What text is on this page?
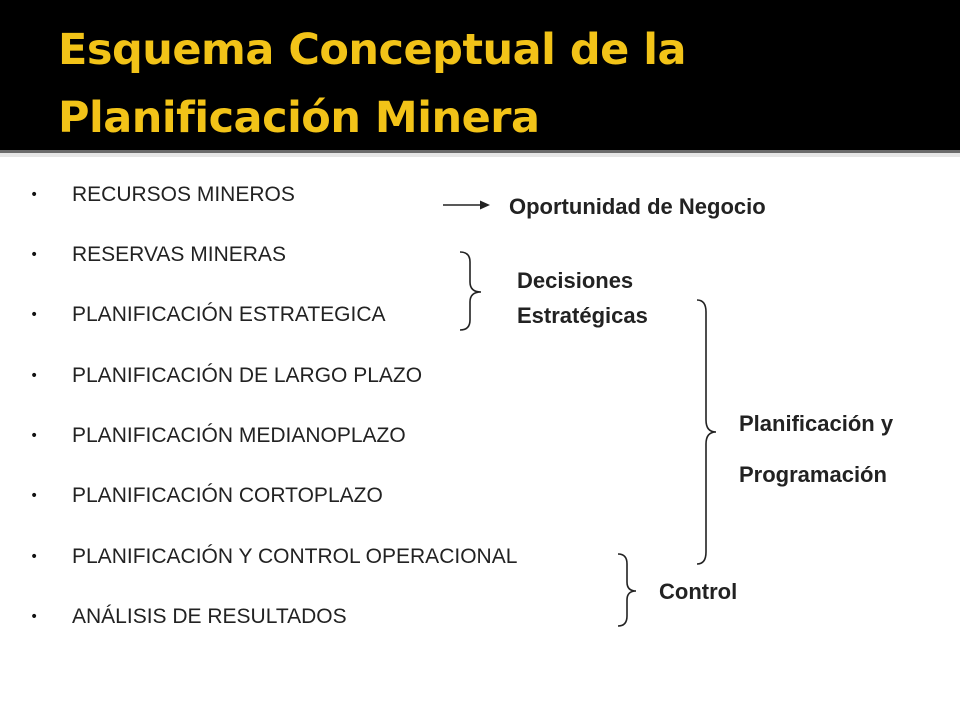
Esquema Conceptual de la
Planificación Minera
• RECURSOS MINEROS
• RESERVAS MINERAS
• PLANIFICACIÓN ESTRATEGICA
• PLANIFICACIÓN DE LARGO PLAZO
• PLANIFICACIÓN MEDIANOPLAZO
• PLANIFICACIÓN CORTOPLAZO
• PLANIFICACIÓN Y CONTROL OPERACIONAL
• ANÁLISIS DE RESULTADOS
Oportunidad de Negocio
Decisiones
Estratégicas
Planificación y
Programación
Control
